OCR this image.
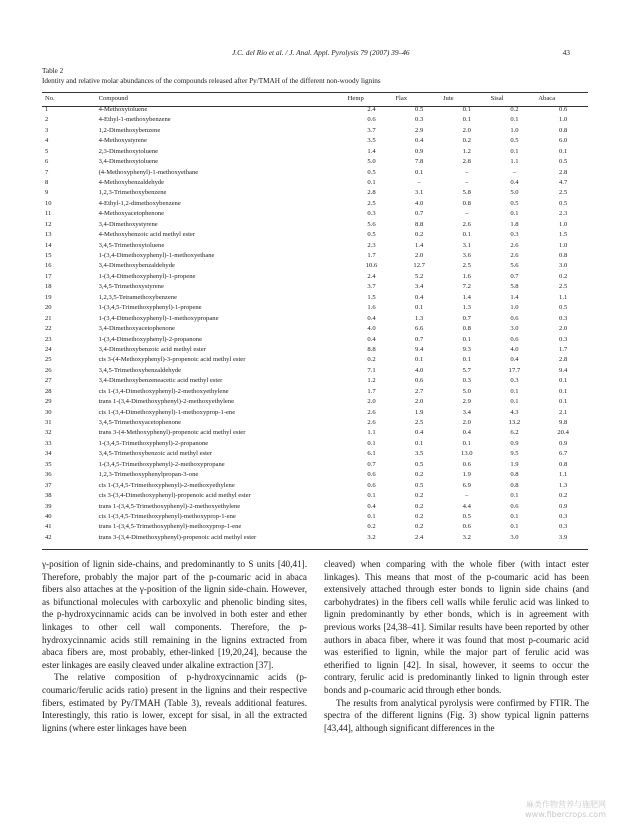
J.C. del Río et al. / J. Anal. Appl. Pyrolysis 79 (2007) 39–46	43
Table 2
Identity and relative molar abundances of the compounds released after Py/TMAH of the different non-woody lignins
No.	Compound	Hemp	Flax	Jute	Sisal	Abaca
1	4-Methoxytoluene	2.4	0.5	0.1	0.2	0.6
2	4-Ethyl-1-methoxybenzene	0.6	0.3	0.1	0.1	1.0
3	1,2-Dimethoxybenzene	3.7	2.9	2.0	1.0	0.8
4	4-Methoxystyrene	3.5	0.4	0.2	0.5	6.0
5	2,3-Dimethoxytoluene	1.4	0.9	1.2	0.1	0.1
6	3,4-Dimethoxytoluene	5.0	7.8	2.8	1.1	0.5
7	(4-Methoxyphenyl)-1-methoxyethane	0.5	0.1	–	–	2.8
8	4-Methoxybenzaldehyde	0.1	–	–	0.4	4.7
9	1,2,3-Trimethoxybenzene	2.8	3.1	5.8	5.0	2.5
10	4-Ethyl-1,2-dimethoxybenzene	2.5	4.0	0.8	0.5	0.5
11	4-Methoxyacetophenone	0.3	0.7	–	0.1	2.3
12	3,4-Dimethoxystyrene	5.6	8.8	2.6	1.8	1.0
13	4-Methoxybenzoic acid methyl ester	0.5	0.2	0.1	0.3	1.5
14	3,4,5-Trimethoxytoluene	2.3	1.4	3.1	2.6	1.0
15	1-(3,4-Dimethoxyphenyl)-1-methoxyethane	1.7	2.0	3.6	2.6	0.8
16	3,4-Dimethoxybenzaldehyde	10.6	12.7	2.5	5.6	3.0
17	1-(3,4-Dimethoxyphenyl)-1-propene	2.4	5.2	1.6	0.7	0.2
18	3,4,5-Trimethoxystyrene	3.7	3.4	7.2	5.8	2.5
19	1,2,3,5-Tetramethoxybenzene	1.5	0.4	1.4	1.4	1.1
20	1-(3,4,5-Trimethoxyphenyl)-1-propene	1.6	0.1	1.3	1.0	0.5
21	1-(3,4-Dimethoxyphenyl)-1-methoxypropane	0.4	1.3	0.7	0.6	0.3
22	3,4-Dimethoxyacetophenone	4.0	6.6	0.8	3.0	2.0
23	1-(3,4-Dimethoxyphenyl)-2-propanone	0.4	0.7	0.1	0.6	0.3
24	3,4-Dimethoxybenzoic acid methyl ester	8.8	9.4	9.3	4.0	1.7
25	cis 3-(4-Methoxyphenyl)-3-propenoic acid methyl ester	0.2	0.1	0.1	0.4	2.8
26	3,4,5-Trimethoxybenzaldehyde	7.1	4.0	5.7	17.7	9.4
27	3,4-Dimethoxybenzeneacetic acid methyl ester	1.2	0.6	0.3	0.3	0.1
28	cis 1-(3,4-Dimethoxyphenyl)-2-methoxyethylene	1.7	2.7	5.0	0.1	0.1
29	trans 1-(3,4-Dimethoxyphenyl)-2-methoxyethylene	2.0	2.0	2.9	0.1	0.1
30	cis 1-(3,4-Dimethoxyphenyl)-1-methoxyprop-1-ene	2.6	1.9	3.4	4.3	2.1
31	3,4,5-Trimethoxyacetophenone	2.6	2.5	2.0	13.2	9.8
32	trans 3-(4-Methoxyphenyl)-propenoic acid methyl ester	1.1	0.4	0.4	6.2	20.4
33	1-(3,4,5-Trimethoxyphenyl)-2-propanone	0.1	0.1	0.1	0.9	0.9
34	3,4,5-Trimethoxybenzoic acid methyl ester	6.1	3.5	13.0	9.5	6.7
35	1-(3,4,5-Trimethoxyphenyl)-2-methoxypropane	0.7	0.5	0.6	1.9	0.8
36	1,2,3-Trimethoxyphenylpropan-3-one	0.6	0.2	1.9	0.8	1.1
37	cis 1-(3,4,5-Trimethoxyphenyl)-2-methoxyethylene	0.6	0.5	6.9	0.8	1.3
38	cis 3-(3,4-Dimethoxyphenyl)-propenoic acid methyl ester	0.1	0.2	–	0.1	0.2
39	trans 1-(3,4,5-Trimethoxyphenyl)-2-methoxyethylene	0.4	0.2	4.4	0.6	0.9
40	cis 1-(3,4,5-Trimethoxyphenyl)-methoxyprop-1-ene	0.1	0.2	0.5	0.1	0.3
41	trans 1-(3,4,5-Trimethoxyphenyl)-methoxyprop-1-ene	0.2	0.2	0.6	0.1	0.3
42	trans 3-(3,4-Dimethoxyphenyl)-propenoic acid methyl ester	3.2	2.4	3.2	3.0	3.9

γ-position of lignin side-chains, and predominantly to S units [40,41]. Therefore, probably the major part of the p-coumaric acid in abaca fibers also attaches at the γ-position of the lignin side-chain. However, as bifunctional molecules with carboxylic and phenolic binding sites, the p-hydroxycinnamic acids can be involved in both ester and ether linkages to other cell wall components. Therefore, the p-hydroxycinnamic acids still remaining in the lignins extracted from abaca fibers are, most probably, ether-linked [19,20,24], because the ester linkages are easily cleaved under alkaline extraction [37].

The relative composition of p-hydroxycinnamic acids (p-coumaric/ferulic acids ratio) present in the lignins and their respective fibers, estimated by Py/TMAH (Table 3), reveals additional features. Interestingly, this ratio is lower, except for sisal, in all the extracted lignins (where ester linkages have been

cleaved) when comparing with the whole fiber (with intact ester linkages). This means that most of the p-coumaric acid has been extensively attached through ester bonds to lignin side chains (and carbohydrates) in the fibers cell walls while ferulic acid was linked to lignin predominantly by ether bonds, which is in agreement with previous works [24,38–41]. Similar results have been reported by other authors in abaca fiber, where it was found that most p-coumaric acid was esterified to lignin, while the major part of ferulic acid was etherified to lignin [42]. In sisal, however, it seems to occur the contrary, ferulic acid is predominantly linked to lignin through ester bonds and p-coumaric acid through ether bonds.

The results from analytical pyrolysis were confirmed by FTIR. The spectra of the different lignins (Fig. 3) show typical lignin patterns [43,44], although significant differences in the

麻类作物营养与施肥网
www.fibercrops.com
